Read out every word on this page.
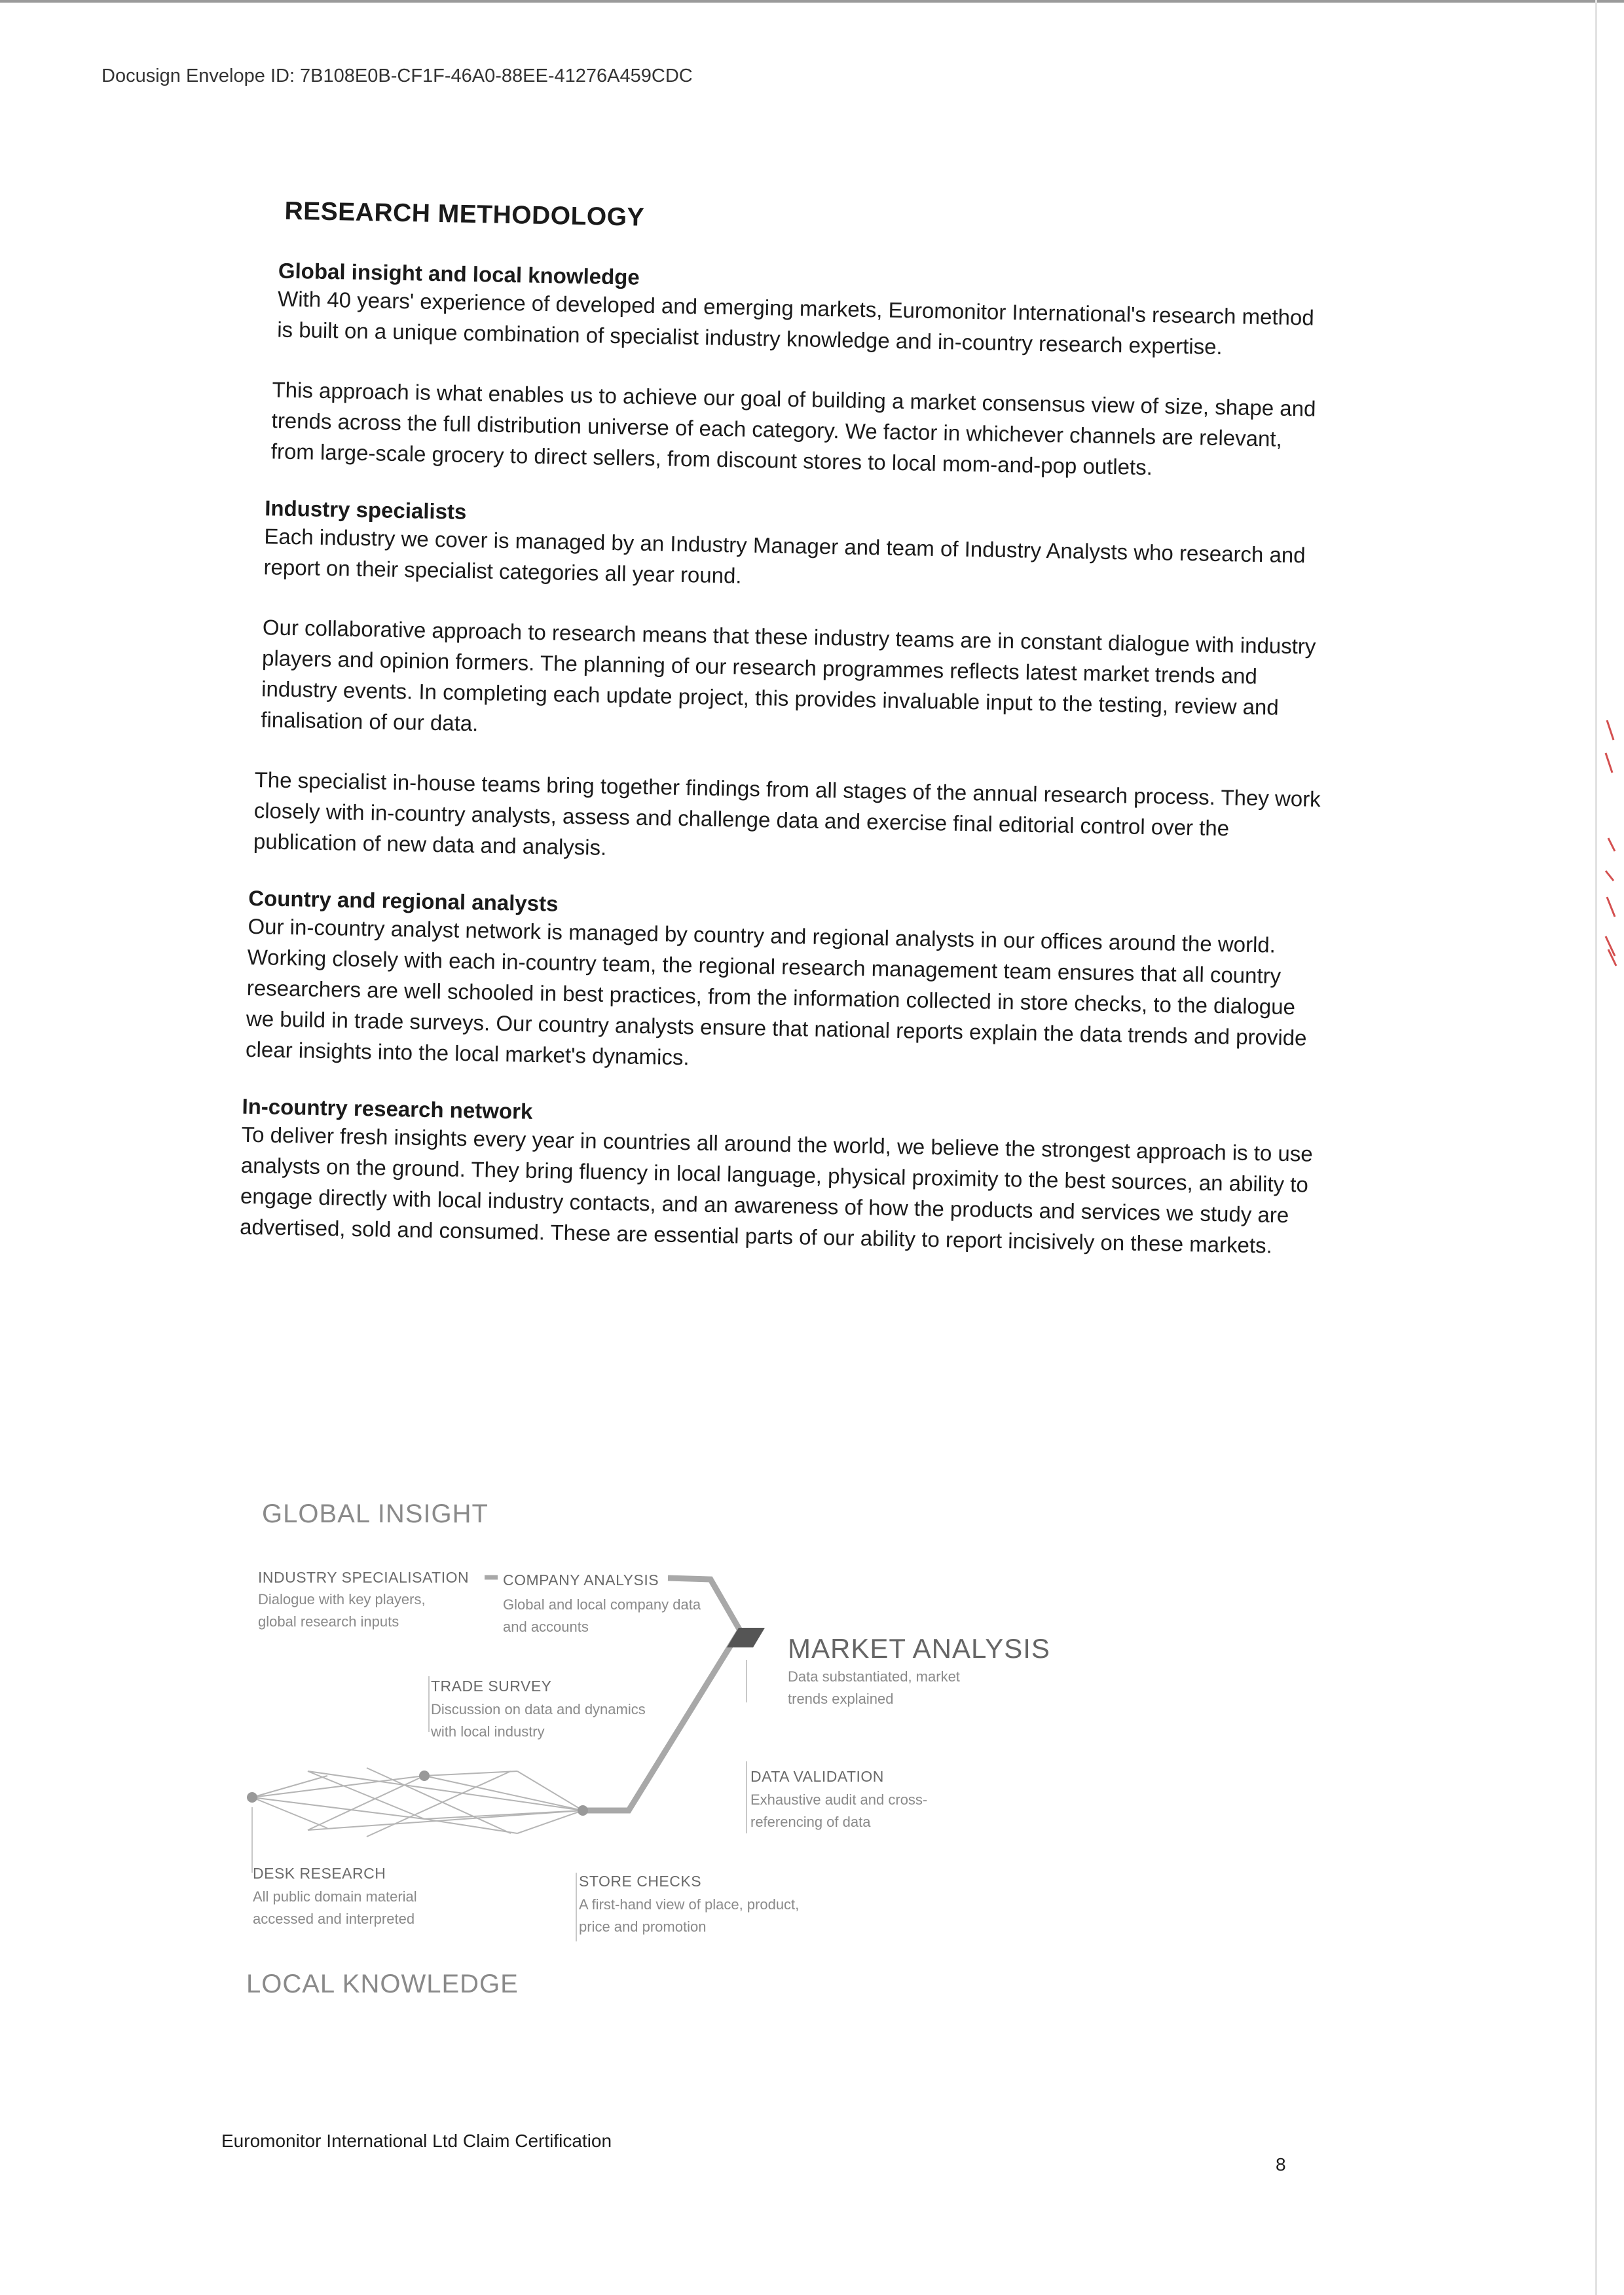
Docusign Envelope ID: 7B108E0B-CF1F-46A0-88EE-41276A459CDC
RESEARCH METHODOLOGY

Global insight and local knowledge

With 40 years' experience of developed and emerging markets, Euromonitor International's research method is built on a unique combination of specialist industry knowledge and in-country research expertise.

This approach is what enables us to achieve our goal of building a market consensus view of size, shape and trends across the full distribution universe of each category. We factor in whichever channels are relevant, from large-scale grocery to direct sellers, from discount stores to local mom-and-pop outlets.

Industry specialists

Each industry we cover is managed by an Industry Manager and team of Industry Analysts who research and report on their specialist categories all year round.

Our collaborative approach to research means that these industry teams are in constant dialogue with industry players and opinion formers. The planning of our research programmes reflects latest market trends and industry events. In completing each update project, this provides invaluable input to the testing, review and finalisation of our data.

The specialist in-house teams bring together findings from all stages of the annual research process. They work closely with in-country analysts, assess and challenge data and exercise final editorial control over the publication of new data and analysis.

Country and regional analysts

Our in-country analyst network is managed by country and regional analysts in our offices around the world. Working closely with each in-country team, the regional research management team ensures that all country researchers are well schooled in best practices, from the information collected in store checks, to the dialogue we build in trade surveys. Our country analysts ensure that national reports explain the data trends and provide clear insights into the local market's dynamics.

In-country research network

To deliver fresh insights every year in countries all around the world, we believe the strongest approach is to use analysts on the ground. They bring fluency in local language, physical proximity to the best sources, an ability to engage directly with local industry contacts, and an awareness of how the products and services we study are advertised, sold and consumed. These are essential parts of our ability to report incisively on these markets.

GLOBAL INSIGHT
LOCAL KNOWLEDGE
INDUSTRY SPECIALISATION
Dialogue with key players, global research inputs
COMPANY ANALYSIS
Global and local company data and accounts
MARKET ANALYSIS
Data substantiated, market trends explained
TRADE SURVEY
Discussion on data and dynamics with local industry
DATA VALIDATION
Exhaustive audit and cross-referencing of data
DESK RESEARCH
All public domain material accessed and interpreted
STORE CHECKS
A first-hand view of place, product, price and promotion
Euromonitor International Ltd Claim Certification
8
